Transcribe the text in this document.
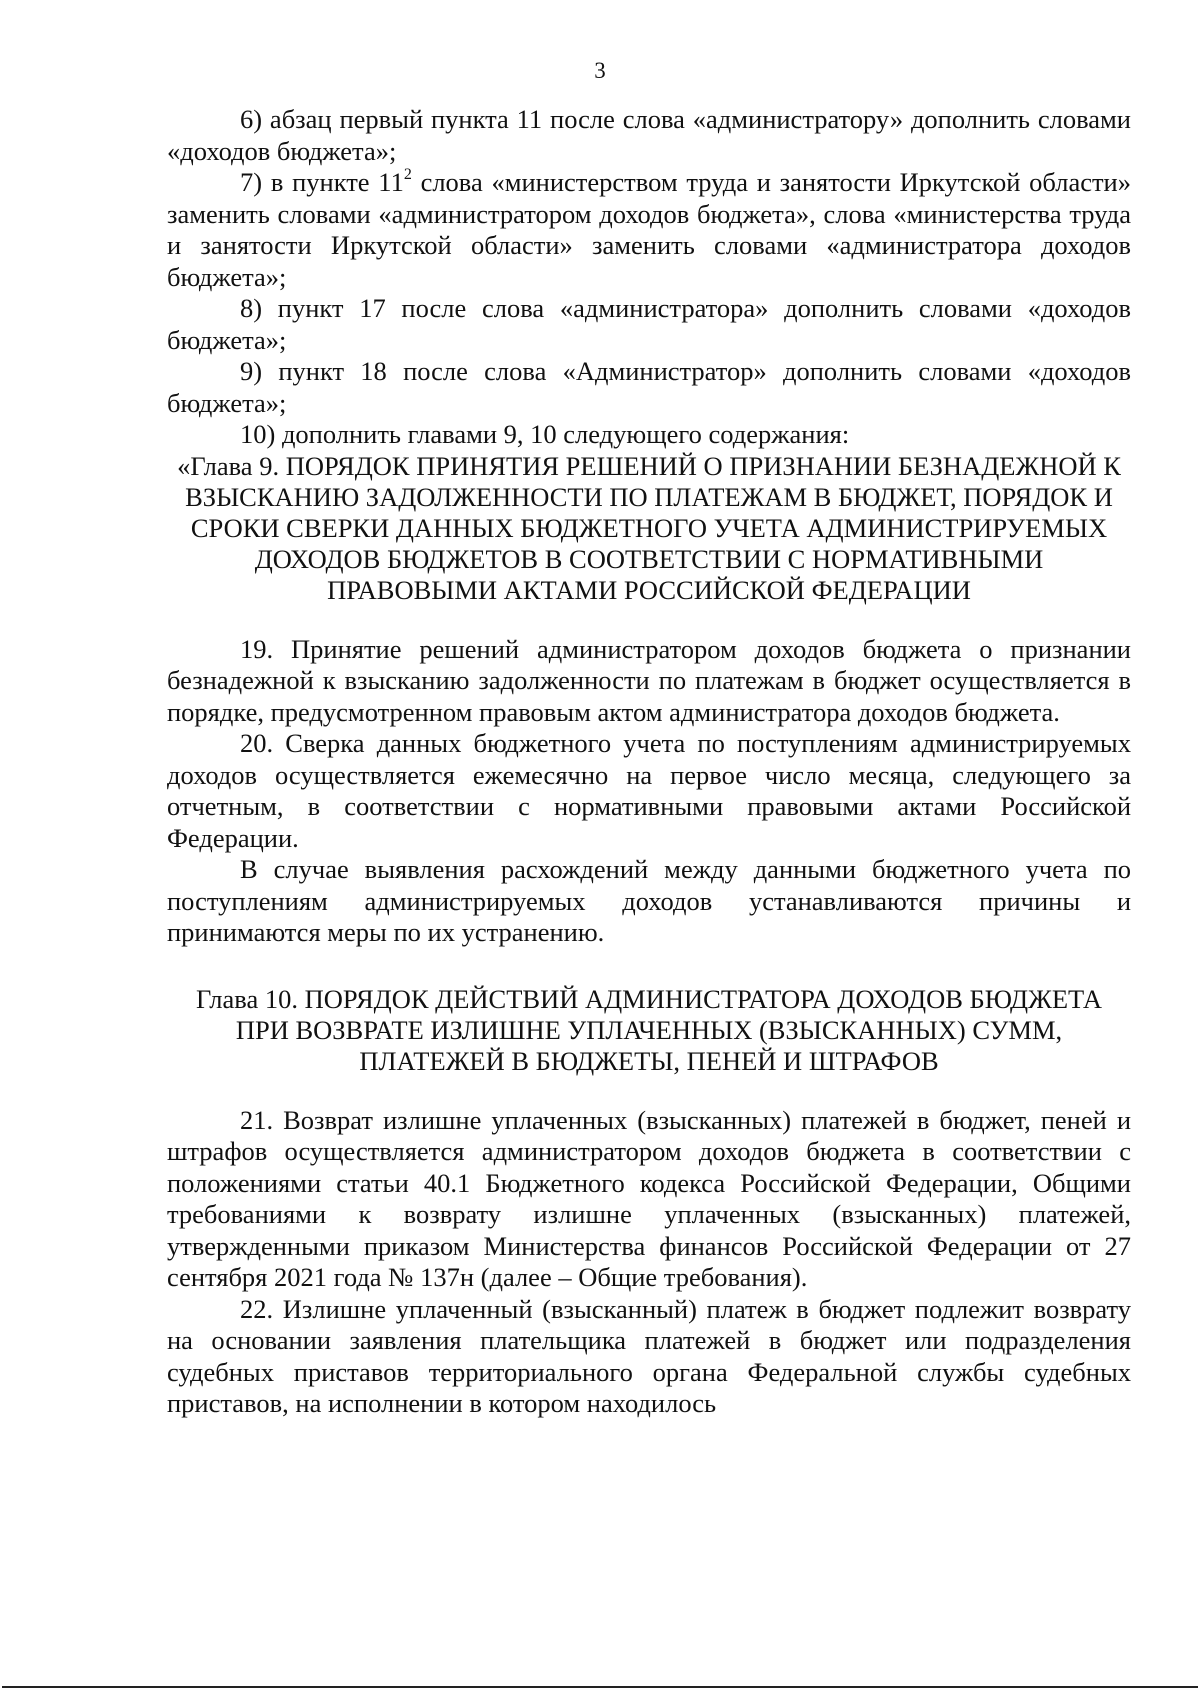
3

6) абзац первый пункта 11 после слова «администратору» дополнить словами «доходов бюджета»;

7) в пункте $11^2$ слова «министерством труда и занятости Иркутской области» заменить словами «администратором доходов бюджета», слова «министерства труда и занятости Иркутской области» заменить словами «администратора доходов бюджета»;

8) пункт 17 после слова «администратора» дополнить словами «доходов бюджета»;

9) пункт 18 после слова «Администратор» дополнить словами «доходов бюджета»;

10) дополнить главами 9, 10 следующего содержания:

«Глава 9. ПОРЯДОК ПРИНЯТИЯ РЕШЕНИЙ О ПРИЗНАНИИ БЕЗНАДЕЖНОЙ К ВЗЫСКАНИЮ ЗАДОЛЖЕННОСТИ ПО ПЛАТЕЖАМ В БЮДЖЕТ, ПОРЯДОК И СРОКИ СВЕРКИ ДАННЫХ БЮДЖЕТНОГО УЧЕТА АДМИНИСТРИРУЕМЫХ ДОХОДОВ БЮДЖЕТОВ В СООТВЕТСТВИИ С НОРМАТИВНЫМИ ПРАВОВЫМИ АКТАМИ РОССИЙСКОЙ ФЕДЕРАЦИИ

19. Принятие решений администратором доходов бюджета о признании безнадежной к взысканию задолженности по платежам в бюджет осуществляется в порядке, предусмотренном правовым актом администратора доходов бюджета.

20. Сверка данных бюджетного учета по поступлениям администрируемых доходов осуществляется ежемесячно на первое число месяца, следующего за отчетным, в соответствии с нормативными правовыми актами Российской Федерации.

В случае выявления расхождений между данными бюджетного учета по поступлениям администрируемых доходов устанавливаются причины и принимаются меры по их устранению.

Глава 10. ПОРЯДОК ДЕЙСТВИЙ АДМИНИСТРАТОРА ДОХОДОВ БЮДЖЕТА ПРИ ВОЗВРАТЕ ИЗЛИШНЕ УПЛАЧЕННЫХ (ВЗЫСКАННЫХ) СУММ, ПЛАТЕЖЕЙ В БЮДЖЕТЫ, ПЕНЕЙ И ШТРАФОВ

21. Возврат излишне уплаченных (взысканных) платежей в бюджет, пеней и штрафов осуществляется администратором доходов бюджета в соответствии с положениями статьи 40.1 Бюджетного кодекса Российской Федерации, Общими требованиями к возврату излишне уплаченных (взысканных) платежей, утвержденными приказом Министерства финансов Российской Федерации от 27 сентября 2021 года № 137н (далее – Общие требования).

22. Излишне уплаченный (взысканный) платеж в бюджет подлежит возврату на основании заявления плательщика платежей в бюджет или подразделения судебных приставов территориального органа Федеральной службы судебных приставов, на исполнении в котором находилось
